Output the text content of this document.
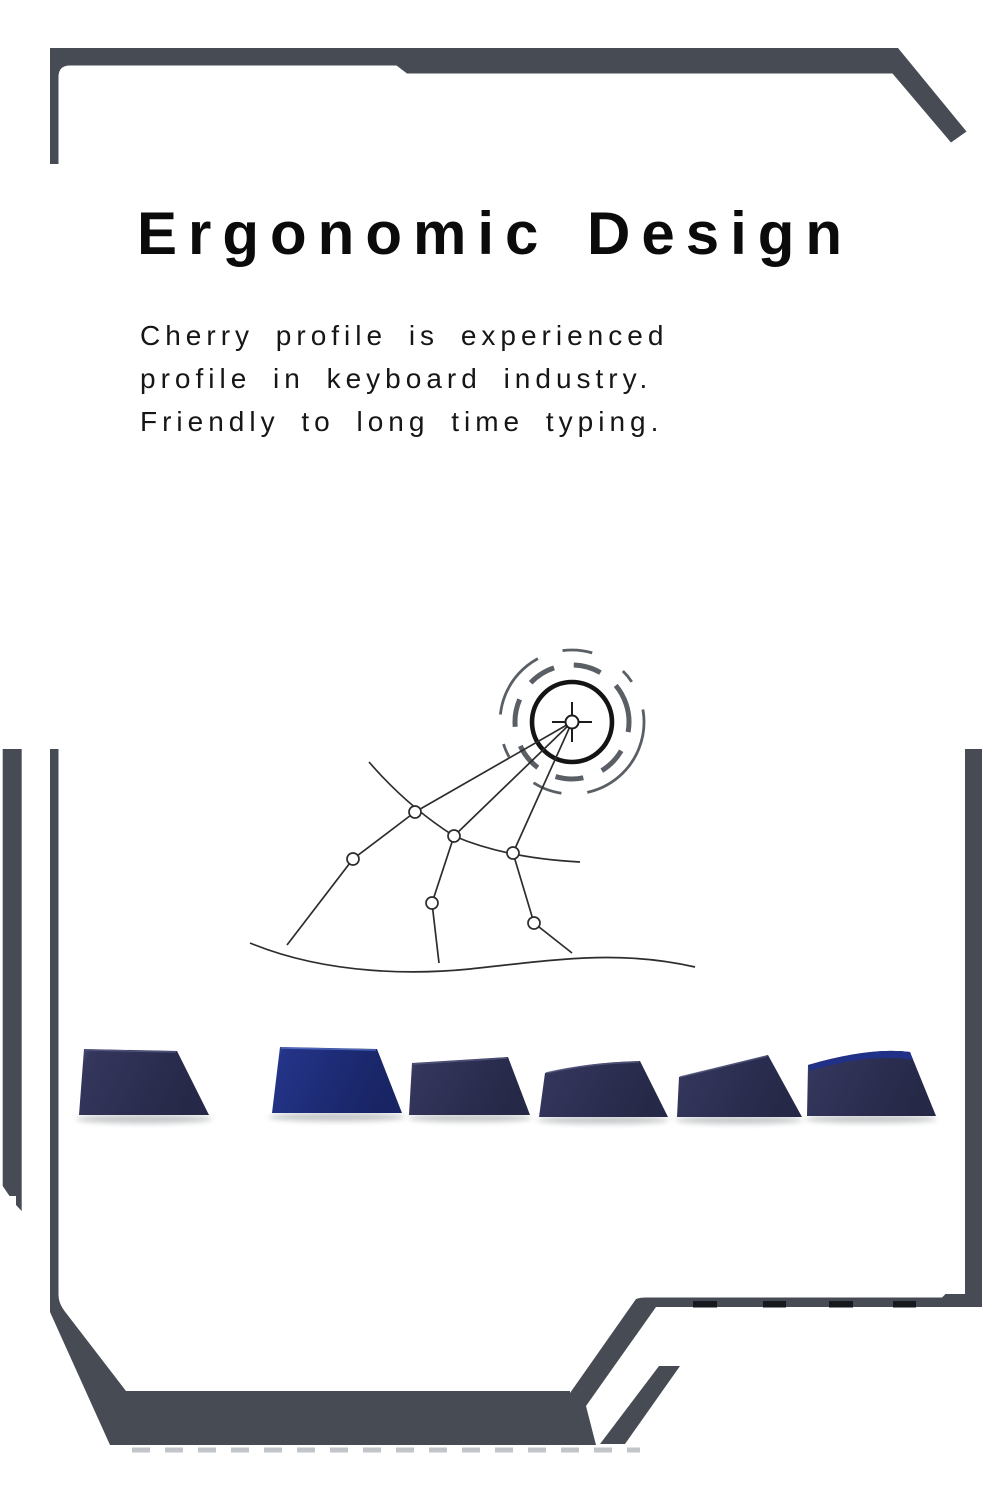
Ergonomic Design

Cherry profile is experienced

profile in keyboard industry.

Friendly to long time typing.
